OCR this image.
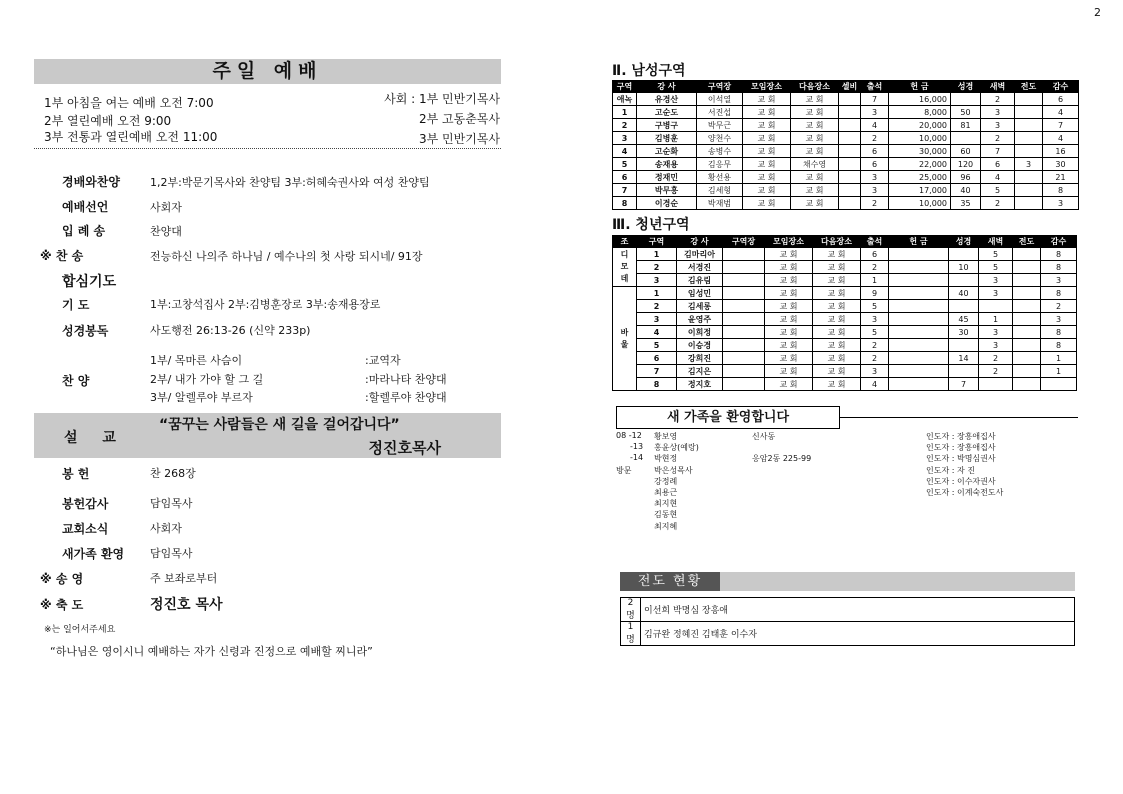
2
주일 예배
1부 아침을 여는 예배 오전 7:00	사회 : 1부 민반기목사
2부 열린예배 오전 9:00	2부 고동춘목사
3부 전통과 열린예배 오전 11:00	3부 민반기목사
경배와찬양	1,2부:박문기목사와 찬양팀 3부:허혜숙권사와 여성 찬양팀
예배선언	사회자
입 례 송	찬양대
※ 찬 송	전능하신 나의주 하나님 / 예수나의 첫 사랑 되시네/ 91장
합심기도
기 도	1부:고창석집사 2부:김병훈장로 3부:송재용장로
성경봉독	사도행전 26:13-26 (신약 233p)
찬 양
1부/ 목마른 사슴이	:교역자
2부/ 내가 가야 할 그 길	:마라나타 찬양대
3부/ 알렐루야 부르자	:할렐루야 찬양대
설 교
“꿈꾸는 사람들은 새 길을 걸어갑니다”
정진호목사
봉 헌	찬 268장
봉헌감사	담임목사
교회소식	사회자
새가족 환영 담임목사
※ 송 영	주 보좌로부터
※ 축 도	정진호 목사
※는 일어서주세요
“하나님은 영이시니 예배하는 자가 신령과 진정으로 예배할 찌니라”
Ⅱ. 남성구역
구역	강 사	구역장	모임장소	다음장소	셀비	출석	헌 금	성경	새벽	전도	감수
애녹	유경산	이석열	교 회	교 회		7	16,000		2		6
1	고순도	서진섭	교 회	교 회		3	8,000	50	3		4
2	구병구	박무근	교 회	교 회		4	20,000	81	3		7
3	김병훈	양천수	교 회	교 회		2	10,000		2		4
4	고순화	송병수	교 회	교 회		6	30,000	60	7		16
5	송재용	김응무	교 회	채수영		6	22,000	120	6	3	30
6	정재민	황선용	교 회	교 회		3	25,000	96	4		21
7	박무흥	김세형	교 회	교 회		3	17,000	40	5		8
8	이경순	박재범	교 회	교 회		2	10,000	35	2		3
Ⅲ. 청년구역
조	구역	강 사	구역장	모임장소	다음장소	출석	헌 금	성경	새벽	전도	감수
디
모
데	1	김마리아		교 회	교 회	6			5		8
	2	서경진		교 회	교 회	2		10	5		8
	3	김유림		교 회	교 회	1			3		3
바
울	1	임성민		교 회	교 회	9		40	3		8
	2	김세롱		교 회	교 회	5					2
	3	윤영주		교 회	교 회	3		45	1		3
	4	이희정		교 회	교 회	5		30	3		8
	5	이승경		교 회	교 회	2			3		8
	6	강희진		교 회	교 회	2		14	2		1
	7	김지은		교 회	교 회	3			2		1
	8	정지호		교 회	교 회	4		7			
새 가족을 환영합니다
08 -12 황보영	신사동	인도자 : 장흥애집사
-13 홍윤상(예랑)	인도자 : 장흥애집사
-14 박현정	응암2동 225-99	인도자 : 박명심권사
방문	박은성목사	인도자 : 자 진
강정례	인도자 : 이수자권사
최용근	인도자 : 이계숙전도사
최지현
김동현
최지혜
전도 현황
2명	이선희 박명심 장흥애
1명	김규완 정혜진 김태훈 이수자
